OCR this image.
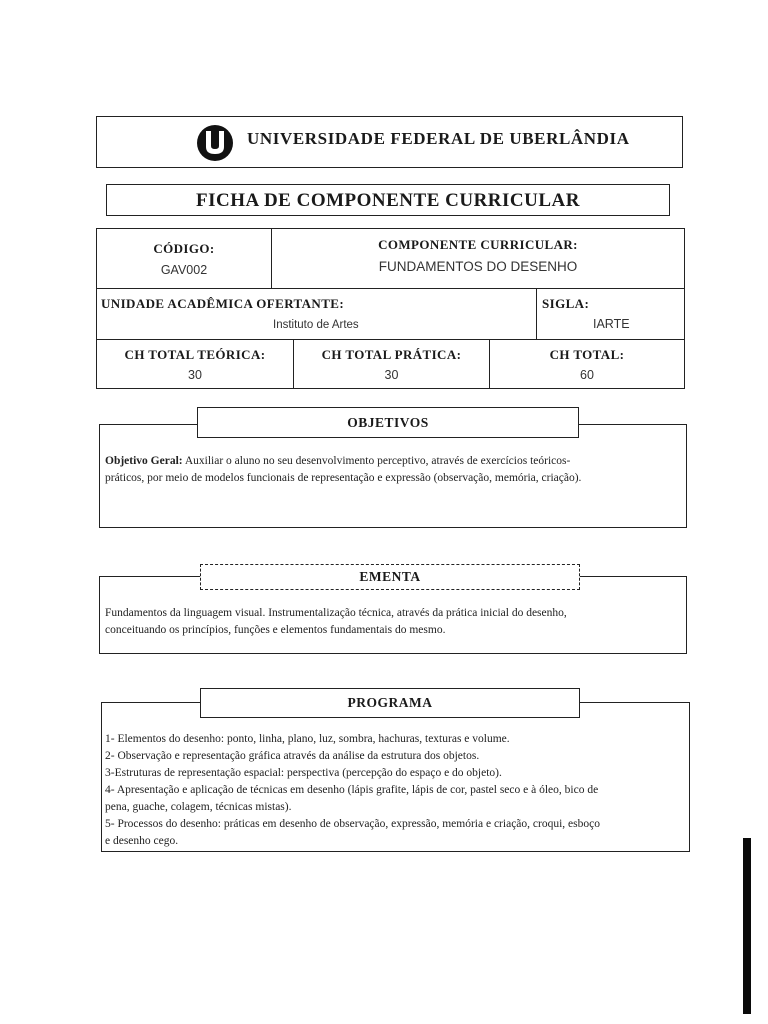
UNIVERSIDADE FEDERAL DE UBERLÂNDIA
FICHA DE COMPONENTE CURRICULAR
CÓDIGO:
GAV002
COMPONENTE CURRICULAR:
FUNDAMENTOS DO DESENHO
UNIDADE ACADÊMICA OFERTANTE:
Instituto de Artes
SIGLA:
IARTE
CH TOTAL TEÓRICA:
30
CH TOTAL PRÁTICA:
30
CH TOTAL:
60
Objetivo Geral: Auxiliar o aluno no seu desenvolvimento perceptivo, através de exercícios teóricos-
práticos, por meio de modelos funcionais de representação e expressão (observação, memória, criação).
OBJETIVOS
Fundamentos da linguagem visual. Instrumentalização técnica, através da prática inicial do desenho,
conceituando os princípios, funções e elementos fundamentais do mesmo.
EMENTA
1- Elementos do desenho: ponto, linha, plano, luz, sombra, hachuras, texturas e volume.
2- Observação e representação gráfica através da análise da estrutura dos objetos.
3-Estruturas de representação espacial: perspectiva (percepção do espaço e do objeto).
4- Apresentação e aplicação de técnicas em desenho (lápis grafite, lápis de cor, pastel seco e à óleo, bico de
pena, guache, colagem, técnicas mistas).
5- Processos do desenho: práticas em desenho de observação, expressão, memória e criação, croqui, esboço
e desenho cego.
PROGRAMA
